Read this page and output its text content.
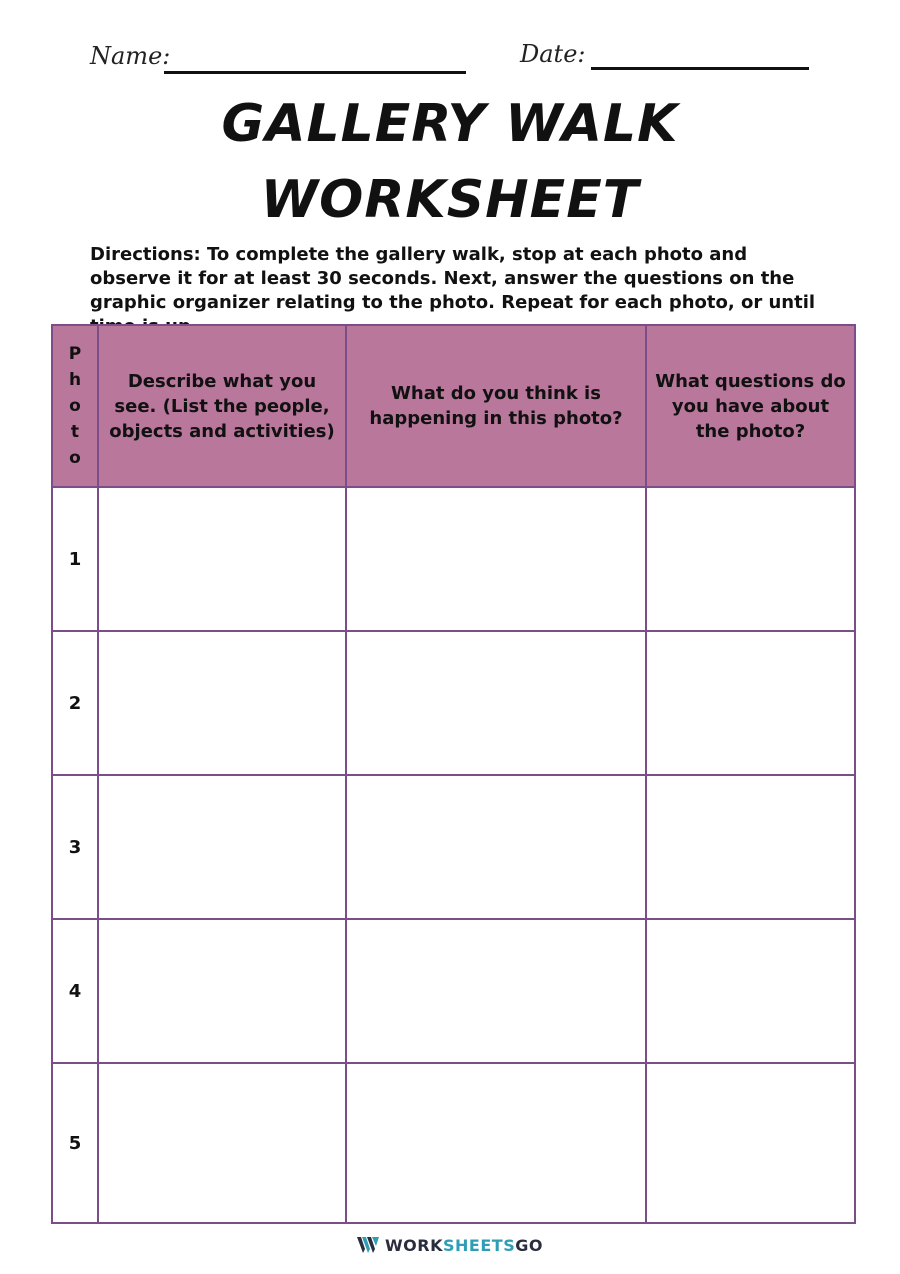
Name:	Date:
GALLERY WALK
WORKSHEET
Directions: To complete the gallery walk, stop at each photo and observe it for at least 30 seconds. Next, answer the questions on the graphic organizer relating to the photo. Repeat for each photo, or until
Photo	Describe what you see. (List the people, objects and activities)	What do you think is happening in this photo?	What questions do you have about the photo?
1			
2			
3			
4			
5			
WORKSHEETSGO
